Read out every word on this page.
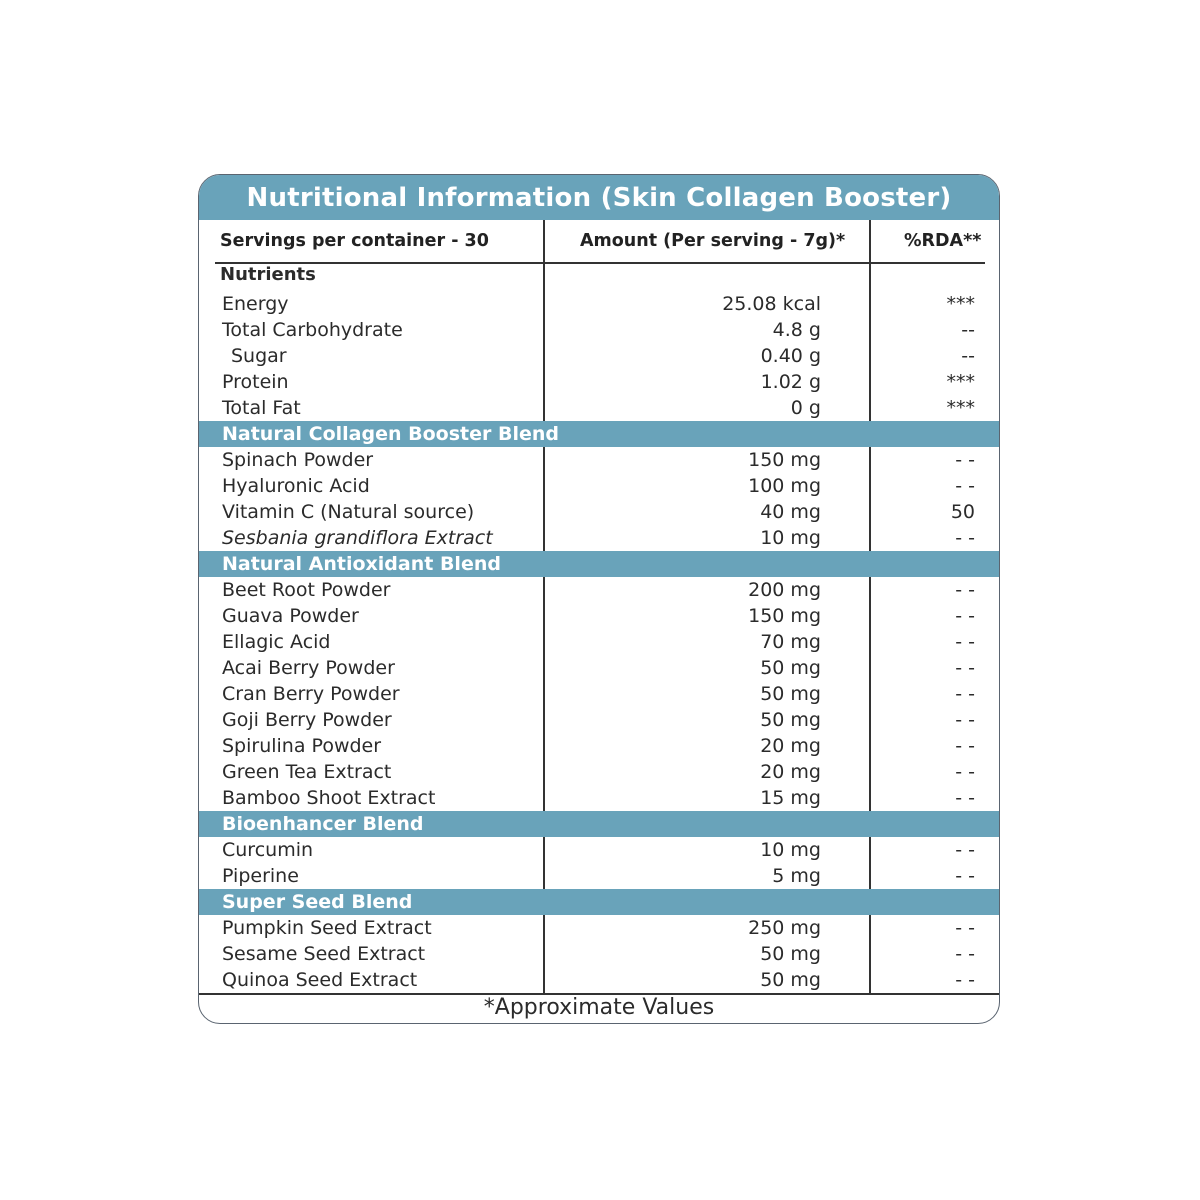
Nutritional Information (Skin Collagen Booster)
Servings per container - 30	Amount (Per serving - 7g)*	%RDA**
Nutrients
Energy	25.08 kcal	***
Total Carbohydrate	4.8 g	--
Sugar	0.40 g	--
Protein	1.02 g	***
Total Fat	0 g	***
Natural Collagen Booster Blend
Spinach Powder	150 mg	- -
Hyaluronic Acid	100 mg	- -
Vitamin C (Natural source)	40 mg	50
Sesbania grandiflora Extract	10 mg	- -
Natural Antioxidant Blend
Beet Root Powder	200 mg	- -
Guava Powder	150 mg	- -
Ellagic Acid	70 mg	- -
Acai Berry Powder	50 mg	- -
Cran Berry Powder	50 mg	- -
Goji Berry Powder	50 mg	- -
Spirulina Powder	20 mg	- -
Green Tea Extract	20 mg	- -
Bamboo Shoot Extract	15 mg	- -
Bioenhancer Blend
Curcumin	10 mg	- -
Piperine	5 mg	- -
Super Seed Blend
Pumpkin Seed Extract	250 mg	- -
Sesame Seed Extract	50 mg	- -
Quinoa Seed Extract	50 mg	- -
*Approximate Values
